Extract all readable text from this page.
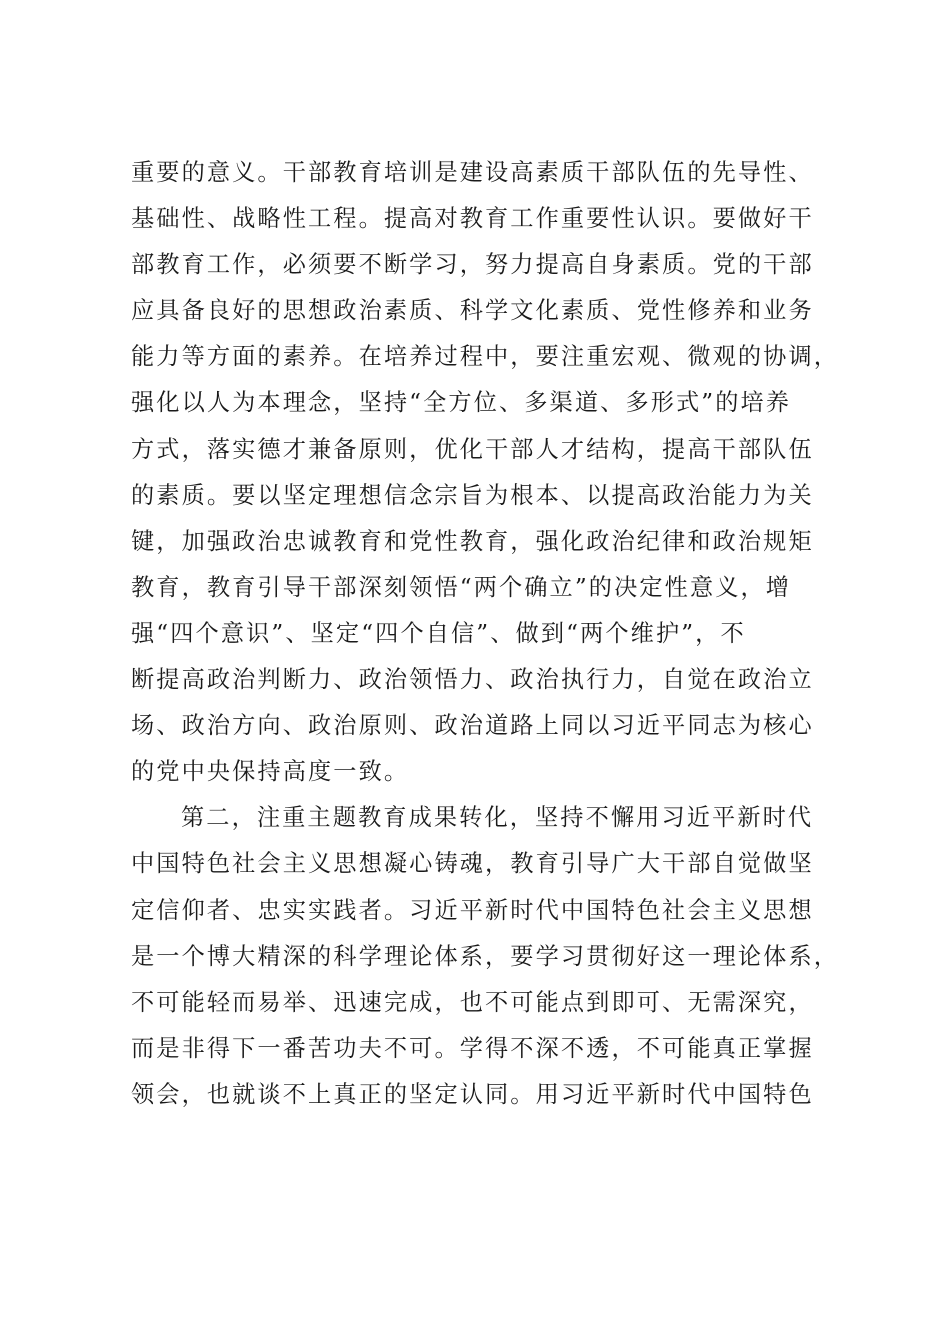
重要的意义。干部教育培训是建设高素质干部队伍的先导性、
基础性、战略性工程。提高对教育工作重要性认识。要做好干
部教育工作，必须要不断学习，努力提高自身素质。党的干部
应具备良好的思想政治素质、科学文化素质、党性修养和业务
能力等方面的素养。在培养过程中，要注重宏观、微观的协调，
强化以人为本理念，坚持“全方位、多渠道、多形式”的培养
方式，落实德才兼备原则，优化干部人才结构，提高干部队伍
的素质。要以坚定理想信念宗旨为根本、以提高政治能力为关
键，加强政治忠诚教育和党性教育，强化政治纪律和政治规矩
教育，教育引导干部深刻领悟“两个确立”的决定性意义，增
强“四个意识”、坚定“四个自信”、做到“两个维护”，不
断提高政治判断力、政治领悟力、政治执行力，自觉在政治立
场、政治方向、政治原则、政治道路上同以习近平同志为核心
的党中央保持高度一致。
第二，注重主题教育成果转化，坚持不懈用习近平新时代
中国特色社会主义思想凝心铸魂，教育引导广大干部自觉做坚
定信仰者、忠实实践者。习近平新时代中国特色社会主义思想
是一个博大精深的科学理论体系，要学习贯彻好这一理论体系，
不可能轻而易举、迅速完成，也不可能点到即可、无需深究，
而是非得下一番苦功夫不可。学得不深不透，不可能真正掌握
领会，也就谈不上真正的坚定认同。用习近平新时代中国特色
